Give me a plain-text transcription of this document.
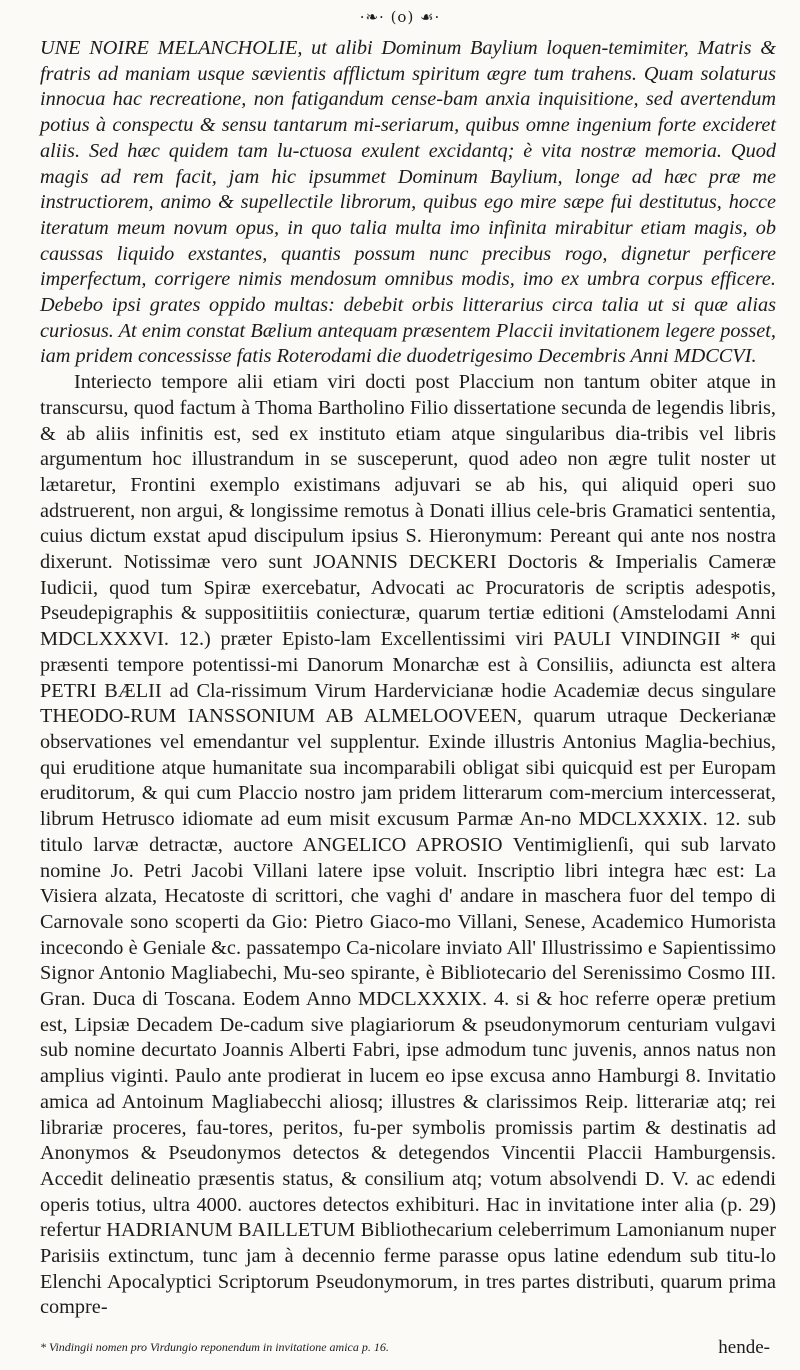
·❧· (o) ☙·

UNE NOIRE MELANCHOLIE, ut alibi Dominum Baylium loquen-temimiter, Matris & fratris ad maniam usque sævientis afflictum spiritum ægre tum trahens. Quam solaturus innocua hac recreatione, non fatigandum cense-bam anxia inquisitione, sed avertendum potius à conspectu & sensu tantarum mi-seriarum, quibus omne ingenium forte excideret aliis. Sed hæc quidem tam lu-ctuosa exulent excidantq; è vita nostræ memoria. Quod magis ad rem facit, jam hic ipsummet Dominum Baylium, longe ad hæc præ me instructiorem, animo & supellectile librorum, quibus ego mire sæpe fui destitutus, hocce iteratum meum novum opus, in quo talia multa imo infinita mirabitur etiam magis, ob caussas liquido exstantes, quantis possum nunc precibus rogo, dignetur perficere imperfectum, corrigere nimis mendosum omnibus modis, imo ex umbra corpus efficere. Debebo ipsi grates oppido multas: debebit orbis litterarius circa talia ut si quæ alias curiosus. At enim constat Bælium antequam præsentem Placcii invitationem legere posset, iam pridem concessisse fatis Roterodami die duodetrigesimo Decembris Anni MDCCVI.

Interiecto tempore alii etiam viri docti post Placcium non tantum obiter atque in transcursu, quod factum à Thoma Bartholino Filio dissertatione secunda de legendis libris, & ab aliis infinitis est, sed ex instituto etiam atque singularibus dia-tribis vel libris argumentum hoc illustrandum in se susceperunt, quod adeo non ægre tulit noster ut lætaretur, Frontini exemplo existimans adjuvari se ab his, qui aliquid operi suo adstruerent, non argui, & longissime remotus à Donati illius cele-bris Gramatici sententia, cuius dictum exstat apud discipulum ipsius S. Hieronymum: Pereant qui ante nos nostra dixerunt. Notissimæ vero sunt JOANNIS DECKERI Doctoris & Imperialis Cameræ Iudicii, quod tum Spiræ exercebatur, Advocati ac Procuratoris de scriptis adespotis, Pseudepigraphis & suppositiitiis coniecturæ, quarum tertiæ editioni (Amstelodami Anni MDCLXXXVI. 12.) præter Episto-lam Excellentissimi viri PAULI VINDINGII * qui præsenti tempore potentissi-mi Danorum Monarchæ est à Consiliis, adiuncta est altera PETRI BÆLII ad Cla-rissimum Virum Hardervicianæ hodie Academiæ decus singulare THEODO-RUM IANSSONIUM AB ALMELOOVEEN, quarum utraque Deckerianæ observationes vel emendantur vel supplentur. Exinde illustris Antonius Maglia-bechius, qui eruditione atque humanitate sua incomparabili obligat sibi quicquid est per Europam eruditorum, & qui cum Placcio nostro jam pridem litterarum com-mercium intercesserat, librum Hetrusco idiomate ad eum misit excusum Parmæ An-no MDCLXXXIX. 12. sub titulo larvæ detractæ, auctore ANGELICO APROSIO Ventimiglienſi, qui sub larvato nomine Jo. Petri Jacobi Villani latere ipse voluit. Inscriptio libri integra hæc est: La Visiera alzata, Hecatoste di scrittori, che vaghi d' andare in maschera fuor del tempo di Carnovale sono scoperti da Gio: Pietro Giaco-mo Villani, Senese, Academico Humorista incecondo è Geniale &c. passatempo Ca-nicolare inviato All' Illustrissimo e Sapientissimo Signor Antonio Magliabechi, Mu-seo spirante, è Bibliotecario del Serenissimo Cosmo III. Gran. Duca di Toscana. Eodem Anno MDCLXXXIX. 4. si & hoc referre operæ pretium est, Lipsiæ Decadem De-cadum sive plagiariorum & pseudonymorum centuriam vulgavi sub nomine decurtato Joannis Alberti Fabri, ipse admodum tunc juvenis, annos natus non amplius viginti. Paulo ante prodierat in lucem eo ipse excusa anno Hamburgi 8. Invitatio amica ad Antoinum Magliabecchi aliosq; illustres & clarissimos Reip. litterariæ atq; rei librariæ proceres, fau-tores, peritos, fu-per symbolis promissis partim & destinatis ad Anonymos & Pseudonymos detectos & detegendos Vincentii Placcii Hamburgensis. Accedit delineatio præsentis status, & consilium atq; votum absolvendi D. V. ac edendi operis totius, ultra 4000. auctores detectos exhibituri. Hac in invitatione inter alia (p. 29) refertur HADRIANUM BAILLETUM Bibliothecarium celeberrimum Lamonianum nuper Parisiis extinctum, tunc jam à decennio ferme parasse opus latine edendum sub titu-lo Elenchi Apocalyptici Scriptorum Pseudonymorum, in tres partes distributi, quarum prima compre-

* Vindingii nomen pro Virdungio reponendum in invitatione amica p. 16.	hende-
